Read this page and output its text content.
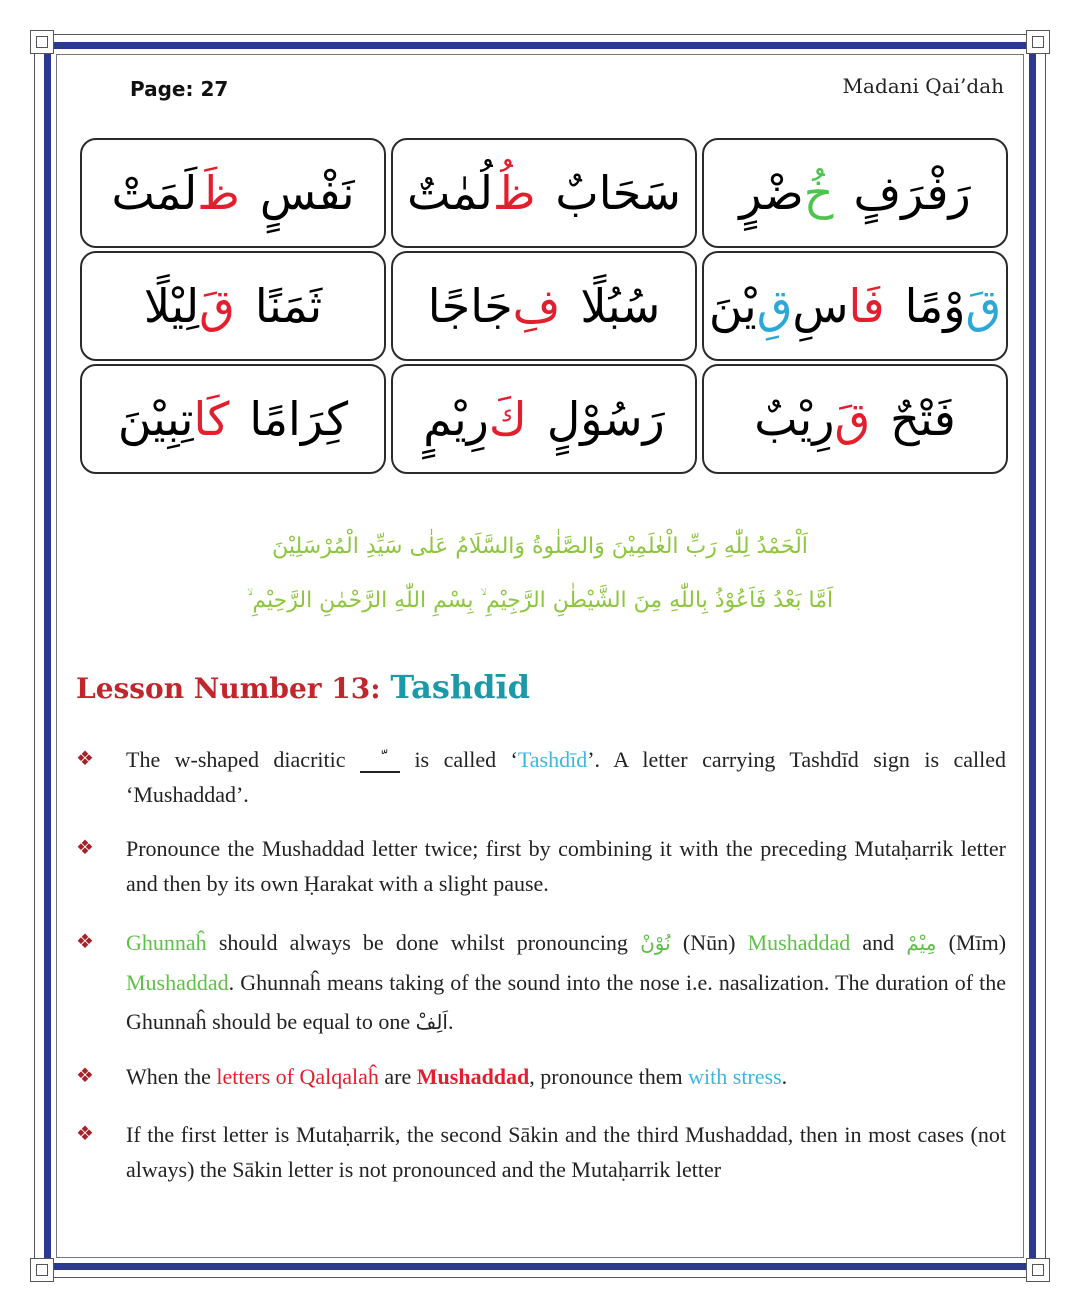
Page: 27	Madani Qai’dah
رَفْرَفٍ
خُ
ضْرٍ
سَحَابٌ
ظُ
لُمٰتٌ
نَفْسٍ
ظَ
لَمَتْ
قَ
وْمًا
فَا
سِ
قِ
يْنَ
سُبُلًا
فِ
جَاجًا
ثَمَنًا
قَ
لِيْلًا
فَتْحٌ
قَ
رِيْبٌ
رَسُوْلٍ
كَ
رِيْمٍ
كِرَامًا
كَا
تِبِيْنَ
اَلْحَمْدُ لِلّٰهِ رَبِّ الْعٰلَمِيْنَ وَالصَّلٰوةُ وَالسَّلَامُ عَلٰى سَيِّدِ الْمُرْسَلِيْنَ
اَمَّا بَعْدُ فَاَعُوْذُ بِاللّٰهِ مِنَ الشَّيْطٰنِ الرَّجِيْمِ ۙ بِسْمِ اللّٰهِ الرَّحْمٰنِ الرَّحِيْمِ ۙ
Lesson Number 13: Tashdīd
❖ The w-shaped diacritic	is called ‘Tashdīd’. A letter carrying Tashdīd sign is called ‘Mushaddad’.
❖ Pronounce the Mushaddad letter twice; first by combining it with the preceding Mutaḥarrik letter and then by its own Ḥarakat with a slight pause.
❖ Ghunnaĥ should always be done whilst pronouncing نُوْنْ (Nūn) Mushaddad and مِيْمْ (Mīm) Mushaddad. Ghunnaĥ means taking of the sound into the nose i.e. nasalization. The duration of the Ghunnaĥ should be equal to one اَلِفْ.
❖ When the letters of Qalqalaĥ are Mushaddad, pronounce them with stress.
❖ If the first letter is Mutaḥarrik, the second Sākin and the third Mushaddad, then in most cases (not always) the Sākin letter is not pronounced and the Mutaḥarrik letter
